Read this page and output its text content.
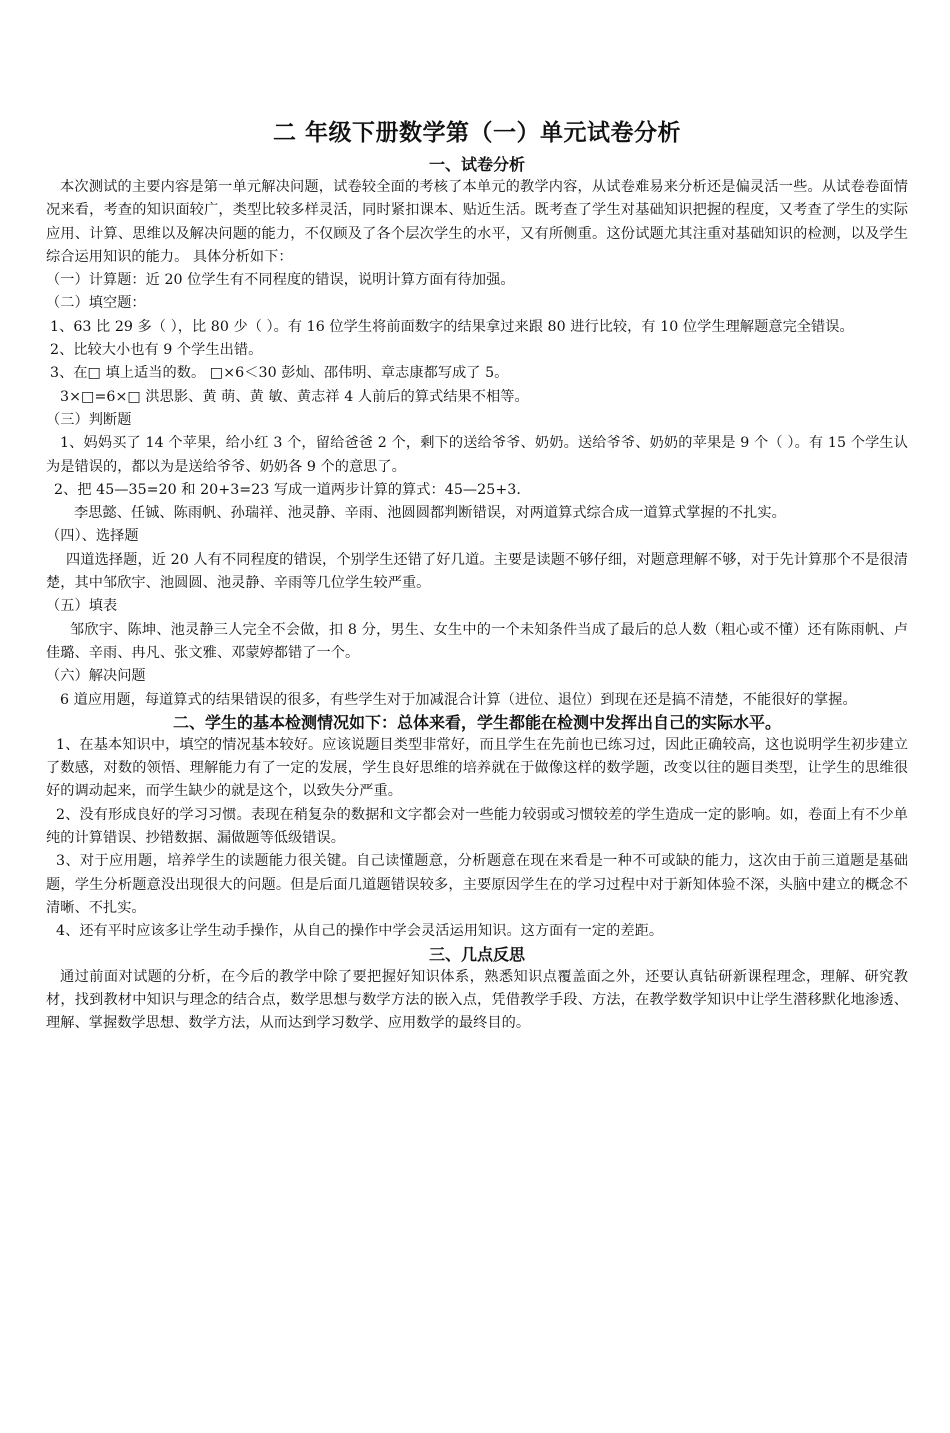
二 年级下册数学第（一）单元试卷分析
一、试卷分析

本次测试的主要内容是第一单元解决问题，试卷较全面的考核了本单元的教学内容，从试卷难易来分析还是偏灵活一些。从试卷卷面情况来看，考查的知识面较广，类型比较多样灵活，同时紧扣课本、贴近生活。既考查了学生对基础知识把握的程度，又考查了学生的实际应用、计算、思维以及解决问题的能力，不仅顾及了各个层次学生的水平，又有所侧重。这份试题尤其注重对基础知识的检测，以及学生综合运用知识的能力。 具体分析如下：

（一）计算题：近 20 位学生有不同程度的错误，说明计算方面有待加强。

（二）填空题：

1、63 比 29 多（ ），比 80 少（ ）。有 16 位学生将前面数字的结果拿过来跟 80 进行比较，有 10 位学生理解题意完全错误。

2、比较大小也有 9 个学生出错。

3、在□ 填上适当的数。 □×6＜30 彭灿、邵伟明、章志康都写成了 5。

3×□=6×□ 洪思影、黄 萌、黄 敏、黄志祥 4 人前后的算式结果不相等。

（三）判断题

1、妈妈买了 14 个苹果，给小红 3 个，留给爸爸 2 个，剩下的送给爷爷、奶奶。送给爷爷、奶奶的苹果是 9 个（ ）。有 15 个学生认为是错误的，都以为是送给爷爷、奶奶各 9 个的意思了。

2、把 45—35=20 和 20+3=23 写成一道两步计算的算式：45—25+3.

李思懿、任铖、陈雨帆、孙瑞祥、池灵静、辛雨、池圆圆都判断错误，对两道算式综合成一道算式掌握的不扎实。

（四）、选择题

四道选择题，近 20 人有不同程度的错误，个别学生还错了好几道。主要是读题不够仔细，对题意理解不够，对于先计算那个不是很清楚，其中邹欣宇、池圆圆、池灵静、辛雨等几位学生较严重。

（五）填表

邹欣宇、陈坤、池灵静三人完全不会做，扣 8 分，男生、女生中的一个未知条件当成了最后的总人数（粗心或不懂）还有陈雨帆、卢佳璐、辛雨、冉凡、张文雅、邓蒙婷都错了一个。

（六）解决问题

6 道应用题，每道算式的结果错误的很多，有些学生对于加减混合计算（进位、退位）到现在还是搞不清楚，不能很好的掌握。

二、学生的基本检测情况如下：总体来看，学生都能在检测中发挥出自己的实际水平。

1、在基本知识中，填空的情况基本较好。应该说题目类型非常好，而且学生在先前也已练习过，因此正确较高，这也说明学生初步建立了数感，对数的领悟、理解能力有了一定的发展，学生良好思维的培养就在于做像这样的数学题，改变以往的题目类型，让学生的思维很好的调动起来，而学生缺少的就是这个，以致失分严重。

2、没有形成良好的学习习惯。表现在稍复杂的数据和文字都会对一些能力较弱或习惯较差的学生造成一定的影响。如，卷面上有不少单纯的计算错误、抄错数据、漏做题等低级错误。

3、对于应用题，培养学生的读题能力很关键。自己读懂题意，分析题意在现在来看是一种不可或缺的能力，这次由于前三道题是基础题，学生分析题意没出现很大的问题。但是后面几道题错误较多，主要原因学生在的学习过程中对于新知体验不深，头脑中建立的概念不清晰、不扎实。

4、还有平时应该多让学生动手操作，从自己的操作中学会灵活运用知识。这方面有一定的差距。

三、几点反思

通过前面对试题的分析，在今后的教学中除了要把握好知识体系，熟悉知识点覆盖面之外，还要认真钻研新课程理念，理解、研究教材，找到教材中知识与理念的结合点，数学思想与数学方法的嵌入点，凭借教学手段、方法，在教学数学知识中让学生潜移默化地渗透、理解、掌握数学思想、数学方法，从而达到学习数学、应用数学的最终目的。
